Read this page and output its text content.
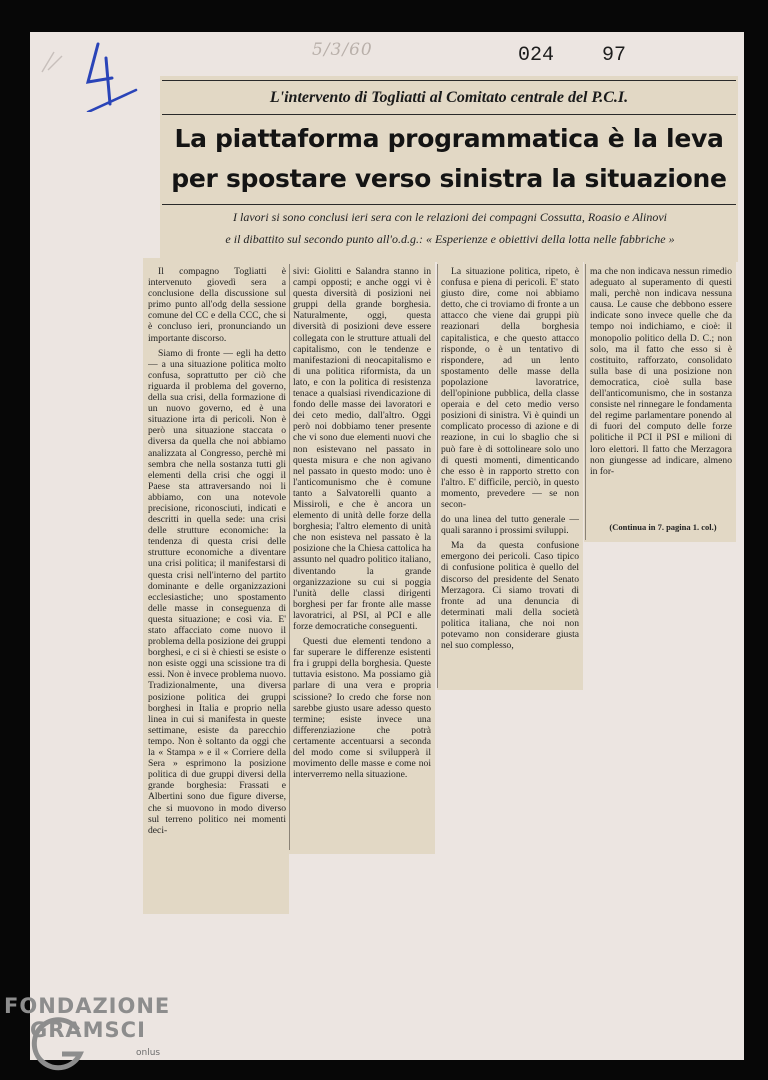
5/3/60	024 97
L'intervento di Togliatti al Comitato centrale del P.C.I.
La piattaforma programmatica è la leva
per spostare verso sinistra la situazione
I lavori si sono conclusi ieri sera con le relazioni dei compagni Cossutta, Roasio e Alinovi
e il dibattito sul secondo punto all'o.d.g.: « Esperienze e obiettivi della lotta nelle fabbriche »

Il compagno Togliatti è intervenuto giovedì sera a conclusione della discussione sul primo punto all'odg della sessione comune del CC e della CCC, che si è concluso ieri, pronunciando un importante discorso.

Siamo di fronte — egli ha detto — a una situazione politica molto confusa, soprattutto per ciò che riguarda il problema del governo, della sua crisi, della formazione di un nuovo governo, ed è una situazione irta di pericoli. Non è però una situazione staccata o diversa da quella che noi abbiamo analizzata al Congresso, perchè mi sembra che nella sostanza tutti gli elementi della crisi che oggi il Paese sta attraversando noi li abbiamo, con una notevole precisione, riconosciuti, indicati e descritti in quella sede: una crisi delle strutture economiche: la tendenza di questa crisi delle strutture economiche a diventare una crisi politica; il manifestarsi di questa crisi nell'interno del partito dominante e delle organizzazioni ecclesiastiche; uno spostamento delle masse in conseguenza di questa situazione; e così via. E' stato affacciato come nuovo il problema della posizione dei gruppi borghesi, e ci si è chiesti se esiste o non esiste oggi una scissione tra di essi. Non è invece problema nuovo. Tradizionalmente, una diversa posizione politica dei gruppi borghesi in Italia e proprio nella linea in cui si manifesta in queste settimane, esiste da parecchio tempo. Non è soltanto da oggi che la « Stampa » e il « Corriere della Sera » esprimono la posizione politica di due gruppi diversi della grande borghesia: Frassati e Albertini sono due figure diverse, che si muovono in modo diverso sul terreno politico nei momenti deci-

sivi: Giolitti e Salandra stanno in campi opposti; e anche oggi vi è questa diversità di posizioni nei gruppi della grande borghesia. Naturalmente, oggi, questa diversità di posizioni deve essere collegata con le strutture attuali del capitalismo, con le tendenze e manifestazioni di neocapitalismo e di una politica riformista, da un lato, e con la politica di resistenza tenace a qualsiasi rivendicazione di fondo delle masse dei lavoratori e dei ceto medio, dall'altro. Oggi però noi dobbiamo tener presente che vi sono due elementi nuovi che non esistevano nel passato in questa misura e che non agivano nel passato in questo modo: uno è l'anticomunismo che è comune tanto a Salvatorelli quanto a Missiroli, e che è ancora un elemento di unità delle forze della borghesia; l'altro elemento di unità che non esisteva nel passato è la posizione che la Chiesa cattolica ha assunto nel quadro politico italiano, diventando la grande organizzazione su cui si poggia l'unità delle classi dirigenti borghesi per far fronte alle masse lavoratrici, al PSI, al PCI e alle forze democratiche conseguenti.

Questi due elementi tendono a far superare le differenze esistenti fra i gruppi della borghesia. Queste tuttavia esistono. Ma possiamo già parlare di una vera e propria scissione? Io credo che forse non sarebbe giusto usare adesso questo termine; esiste invece una differenziazione che potrà certamente accentuarsi a seconda del modo come si svilupperà il movimento delle masse e come noi interverremo nella situazione.

La situazione politica, ripeto, è confusa e piena di pericoli. E' stato giusto dire, come noi abbiamo detto, che ci troviamo di fronte a un attacco che viene dai gruppi più reazionari della borghesia capitalistica, e che questo attacco risponde, o è un tentativo di rispondere, ad un lento spostamento delle masse della popolazione lavoratrice, dell'opinione pubblica, della classe operaia e del ceto medio verso posizioni di sinistra. Vi è quindi un complicato processo di azione e di reazione, in cui lo sbaglio che si può fare è di sottolineare solo uno di questi momenti, dimenticando che esso è in rapporto stretto con l'altro. E' difficile, perciò, in questo momento, prevedere — se non secon-

do una linea del tutto generale — quali saranno i prossimi sviluppi.

Ma da questa confusione emergono dei pericoli. Caso tipico di confusione politica è quello del discorso del presidente del Senato Merzagora. Ci siamo trovati di fronte ad una denuncia di determinati mali della società politica italiana, che noi non potevamo non considerare giusta nel suo complesso,

ma che non indicava nessun rimedio adeguato al superamento di questi mali, perchè non indicava nessuna causa. Le cause che debbono essere indicate sono invece quelle che da tempo noi indichiamo, e cioè: il monopolio politico della D. C.; non solo, ma il fatto che esso si è costituito, rafforzato, consolidato sulla base di una posizione non democratica, cioè sulla base dell'anticomunismo, che in sostanza consiste nel rinnegare le fondamenta del regime parlamentare ponendo al di fuori del computo delle forze politiche il PCI il PSI e milioni di loro elettori. Il fatto che Merzagora non giungesse ad indicare, almeno in for-

(Continua in 7. pagina 1. col.)
FONDAZIONE
GRAMSCI
onlus
